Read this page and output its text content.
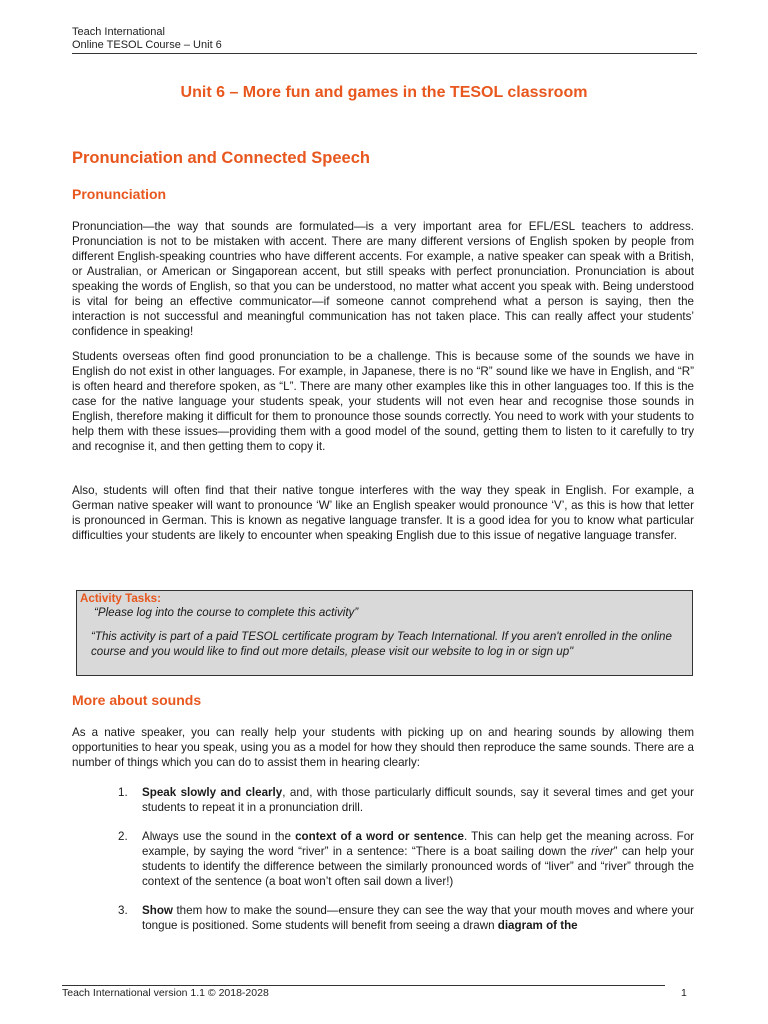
Teach International
Online TESOL Course – Unit 6
Unit 6 – More fun and games in the TESOL classroom
Pronunciation and Connected Speech
Pronunciation
Pronunciation—the way that sounds are formulated—is a very important area for EFL/ESL teachers to address. Pronunciation is not to be mistaken with accent. There are many different versions of English spoken by people from different English-speaking countries who have different accents. For example, a native speaker can speak with a British, or Australian, or American or Singaporean accent, but still speaks with perfect pronunciation. Pronunciation is about speaking the words of English, so that you can be understood, no matter what accent you speak with. Being understood is vital for being an effective communicator—if someone cannot comprehend what a person is saying, then the interaction is not successful and meaningful communication has not taken place. This can really affect your students’ confidence in speaking!
Students overseas often find good pronunciation to be a challenge. This is because some of the sounds we have in English do not exist in other languages. For example, in Japanese, there is no “R” sound like we have in English, and “R” is often heard and therefore spoken, as “L”. There are many other examples like this in other languages too. If this is the case for the native language your students speak, your students will not even hear and recognise those sounds in English, therefore making it difficult for them to pronounce those sounds correctly. You need to work with your students to help them with these issues—providing them with a good model of the sound, getting them to listen to it carefully to try and recognise it, and then getting them to copy it.
Also, students will often find that their native tongue interferes with the way they speak in English. For example, a German native speaker will want to pronounce ‘W’ like an English speaker would pronounce ‘V’, as this is how that letter is pronounced in German. This is known as negative language transfer. It is a good idea for you to know what particular difficulties your students are likely to encounter when speaking English due to this issue of negative language transfer.
Activity Tasks:
“Please log into the course to complete this activity”
“This activity is part of a paid TESOL certificate program by Teach International. If you aren't enrolled in the online course and you would like to find out more details, please visit our website to log in or sign up"
More about sounds
As a native speaker, you can really help your students with picking up on and hearing sounds by allowing them opportunities to hear you speak, using you as a model for how they should then reproduce the same sounds. There are a number of things which you can do to assist them in hearing clearly:
1. Speak slowly and clearly, and, with those particularly difficult sounds, say it several times and get your students to repeat it in a pronunciation drill.
2. Always use the sound in the context of a word or sentence. This can help get the meaning across. For example, by saying the word “river” in a sentence: “There is a boat sailing down the river” can help your students to identify the difference between the similarly pronounced words of “liver” and “river” through the context of the sentence (a boat won’t often sail down a liver!)
3. Show them how to make the sound—ensure they can see the way that your mouth moves and where your tongue is positioned. Some students will benefit from seeing a drawn diagram of the
Teach International version 1.1 © 2018-2028	1
